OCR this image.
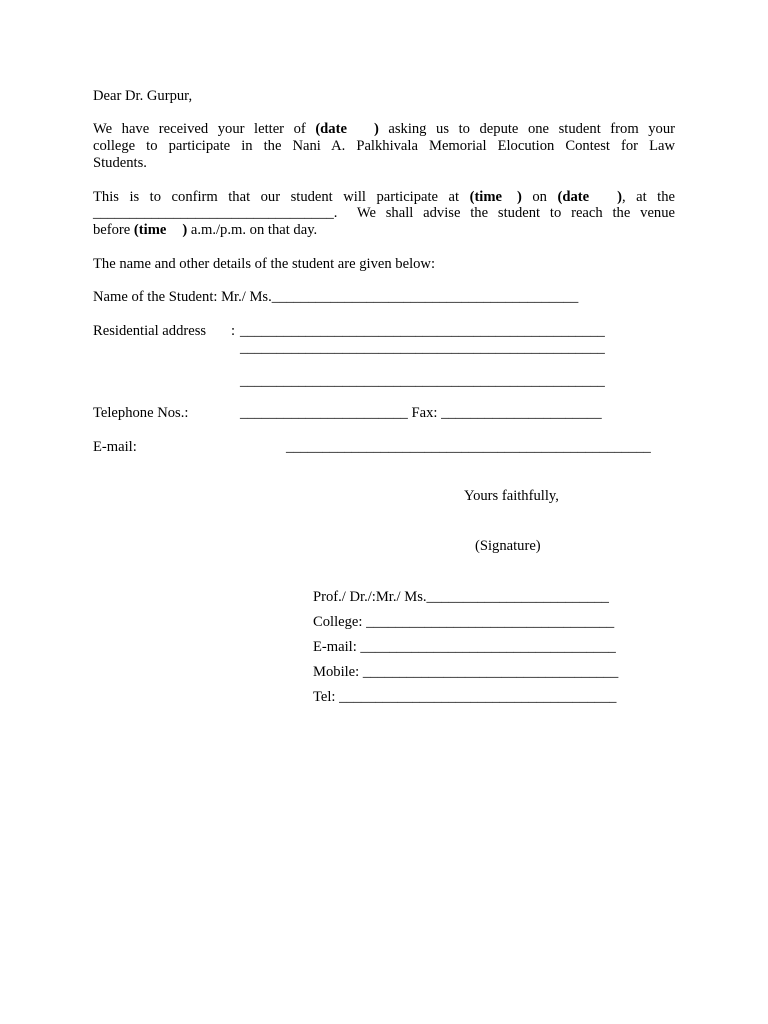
Dear Dr. Gurpur,
We have received your letter of (date ) asking us to depute one student from your
college to participate in the Nani A. Palkhivala Memorial Elocution Contest for Law
Students.
This is to confirm that our student will participate at (time ) on (date ), at the
_________________________________.  We shall advise the student to reach the venue
before (time ) a.m./p.m. on that day.
The name and other details of the student are given below:
Name of the Student: Mr./ Ms.__________________________________________
Residential address : __________________________________________________
__________________________________________________
__________________________________________________
Telephone Nos.:	_______________________ Fax: ______________________
E-mail:	__________________________________________________
Yours faithfully,
(Signature)
Prof./ Dr./:Mr./ Ms._________________________
College: __________________________________
E-mail: ___________________________________
Mobile: ___________________________________
Tel: ______________________________________
